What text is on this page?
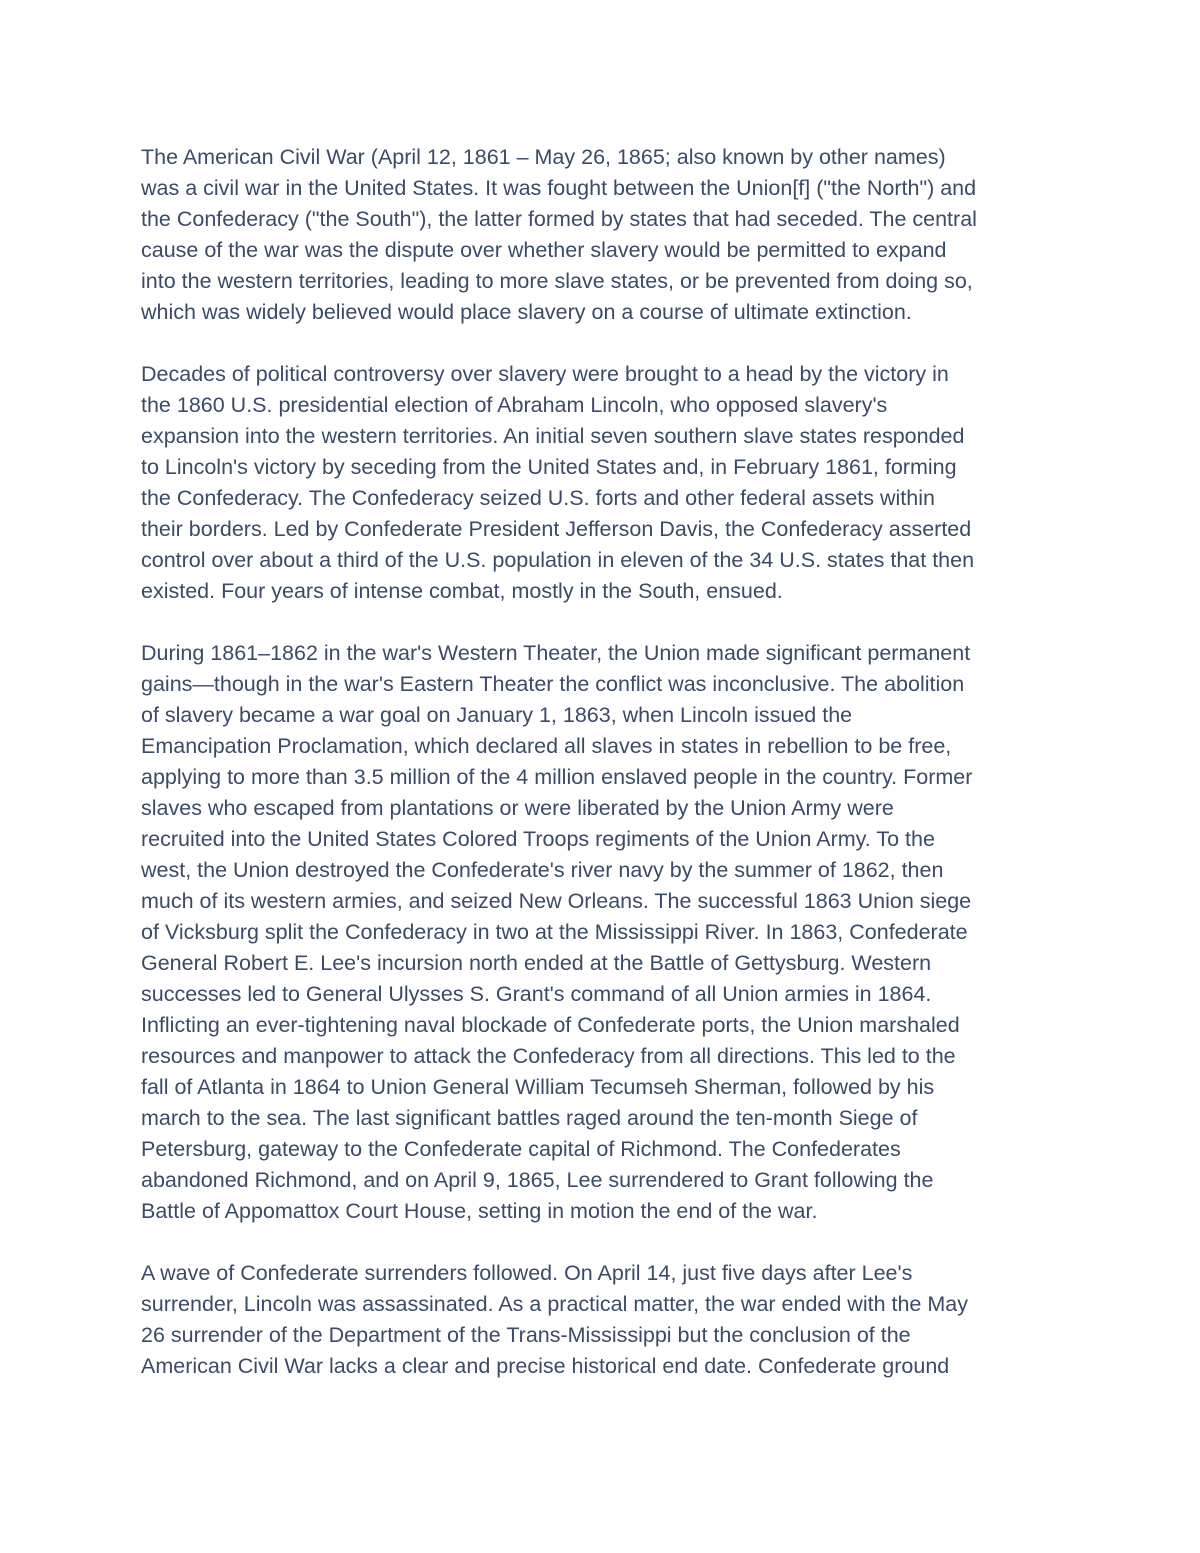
The American Civil War (April 12, 1861 – May 26, 1865; also known by other names)
was a civil war in the United States. It was fought between the Union[f] ("the North") and
the Confederacy ("the South"), the latter formed by states that had seceded. The central
cause of the war was the dispute over whether slavery would be permitted to expand
into the western territories, leading to more slave states, or be prevented from doing so,
which was widely believed would place slavery on a course of ultimate extinction.
Decades of political controversy over slavery were brought to a head by the victory in
the 1860 U.S. presidential election of Abraham Lincoln, who opposed slavery's
expansion into the western territories. An initial seven southern slave states responded
to Lincoln's victory by seceding from the United States and, in February 1861, forming
the Confederacy. The Confederacy seized U.S. forts and other federal assets within
their borders. Led by Confederate President Jefferson Davis, the Confederacy asserted
control over about a third of the U.S. population in eleven of the 34 U.S. states that then
existed. Four years of intense combat, mostly in the South, ensued.
During 1861–1862 in the war's Western Theater, the Union made significant permanent
gains—though in the war's Eastern Theater the conflict was inconclusive. The abolition
of slavery became a war goal on January 1, 1863, when Lincoln issued the
Emancipation Proclamation, which declared all slaves in states in rebellion to be free,
applying to more than 3.5 million of the 4 million enslaved people in the country. Former
slaves who escaped from plantations or were liberated by the Union Army were
recruited into the United States Colored Troops regiments of the Union Army. To the
west, the Union destroyed the Confederate's river navy by the summer of 1862, then
much of its western armies, and seized New Orleans. The successful 1863 Union siege
of Vicksburg split the Confederacy in two at the Mississippi River. In 1863, Confederate
General Robert E. Lee's incursion north ended at the Battle of Gettysburg. Western
successes led to General Ulysses S. Grant's command of all Union armies in 1864.
Inflicting an ever-tightening naval blockade of Confederate ports, the Union marshaled
resources and manpower to attack the Confederacy from all directions. This led to the
fall of Atlanta in 1864 to Union General William Tecumseh Sherman, followed by his
march to the sea. The last significant battles raged around the ten-month Siege of
Petersburg, gateway to the Confederate capital of Richmond. The Confederates
abandoned Richmond, and on April 9, 1865, Lee surrendered to Grant following the
Battle of Appomattox Court House, setting in motion the end of the war.
A wave of Confederate surrenders followed. On April 14, just five days after Lee's
surrender, Lincoln was assassinated. As a practical matter, the war ended with the May
26 surrender of the Department of the Trans-Mississippi but the conclusion of the
American Civil War lacks a clear and precise historical end date. Confederate ground
